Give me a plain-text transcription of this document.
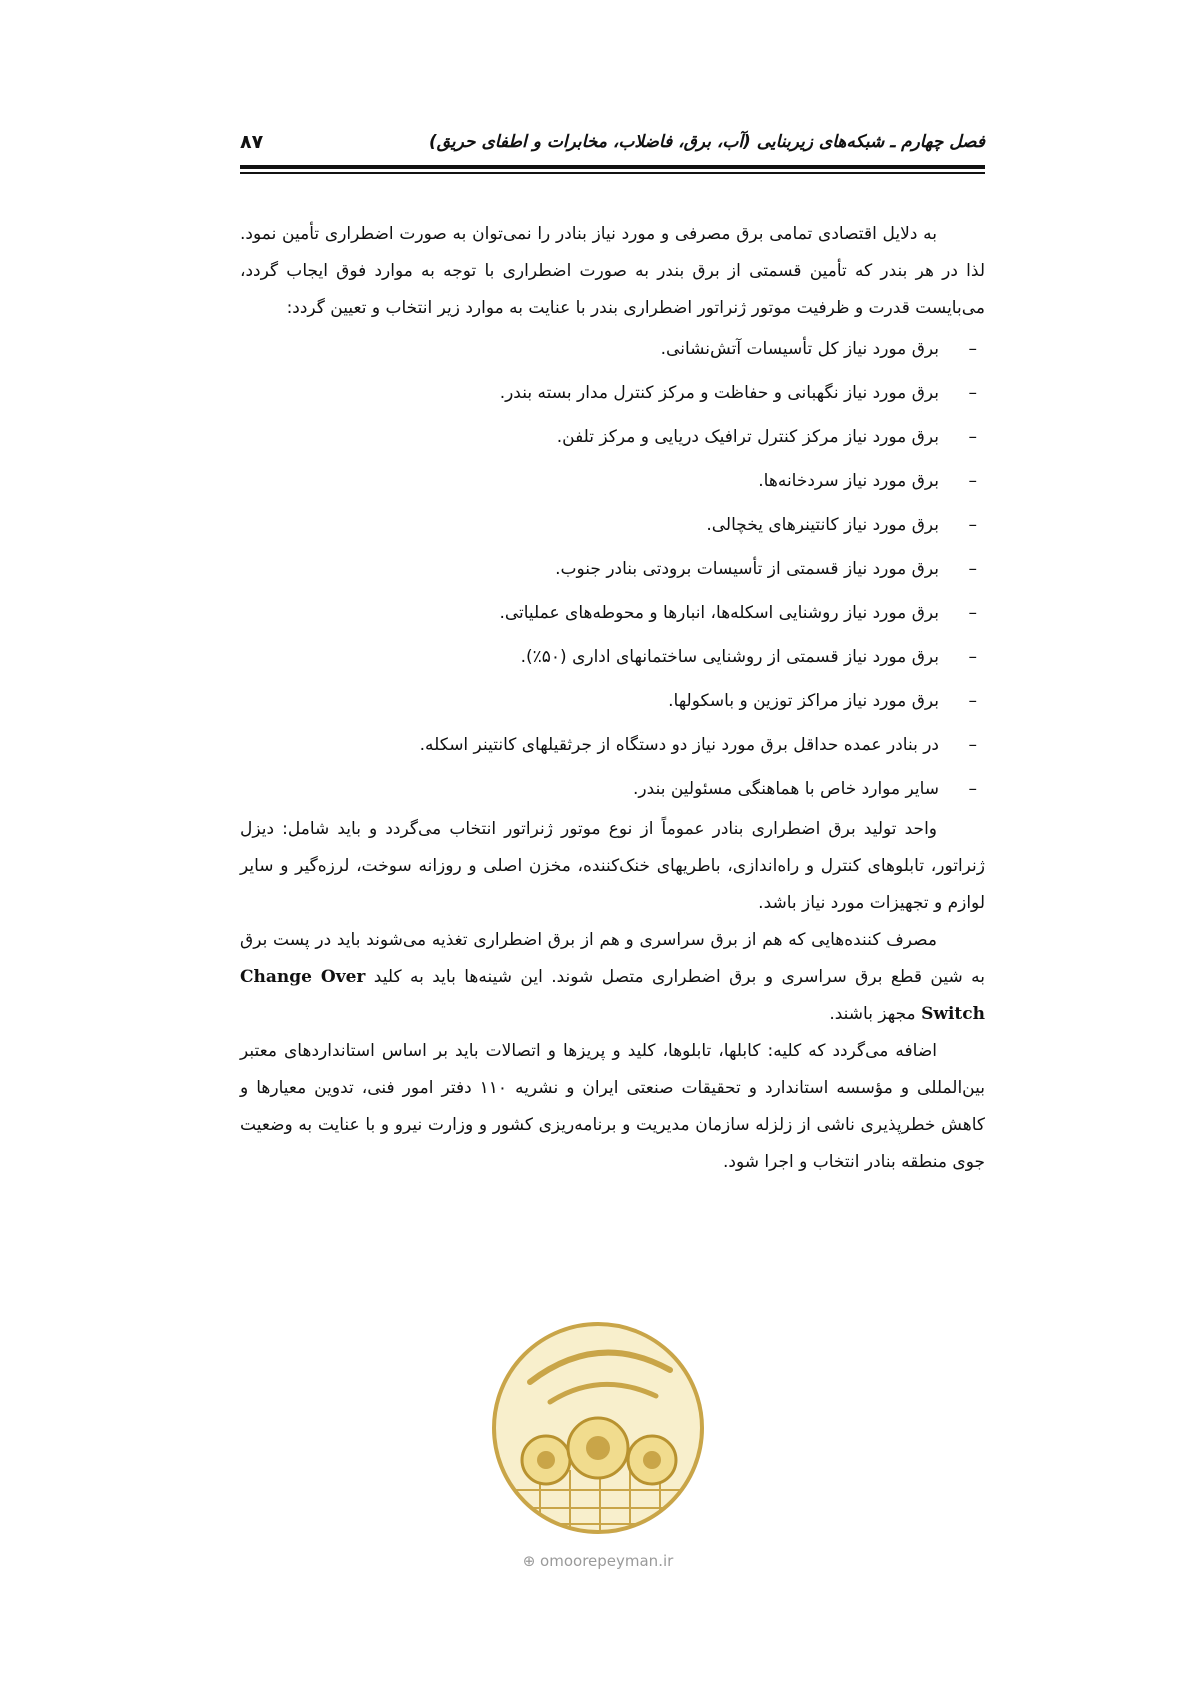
۸۷	فصل چهارم ـ شبکه‌های زیربنایی (آب، برق، فاضلاب، مخابرات و اطفای حریق)

به دلایل اقتصادی تمامی برق مصرفی و مورد نیاز بنادر را نمی‌توان به صورت اضطراری تأمین نمود. لذا در هر بندر که تأمین قسمتی از برق بندر به صورت اضطراری با توجه به موارد فوق ایجاب گردد، می‌بایست قدرت و ظرفیت موتور ژنراتور اضطراری بندر با عنایت به موارد زیر انتخاب و تعیین گردد:

–
برق مورد نیاز کل تأسیسات آتش‌نشانی.
–
برق مورد نیاز نگهبانی و حفاظت و مرکز کنترل مدار بسته بندر.
–
برق مورد نیاز مرکز کنترل ترافیک دریایی و مرکز تلفن.
–
برق مورد نیاز سردخانه‌ها.
–
برق مورد نیاز کانتینرهای یخچالی.
–
برق مورد نیاز قسمتی از تأسیسات برودتی بنادر جنوب.
–
برق مورد نیاز روشنایی اسکله‌ها، انبارها و محوطه‌های عملیاتی.
–
برق مورد نیاز قسمتی از روشنایی ساختمانهای اداری (۵۰٪).
–
برق مورد نیاز مراکز توزین و باسکولها.
–
در بنادر عمده حداقل برق مورد نیاز دو دستگاه از جرثقیلهای کانتینر اسکله.
–
سایر موارد خاص با هماهنگی مسئولین بندر.

واحد تولید برق اضطراری بنادر عموماً از نوع موتور ژنراتور انتخاب می‌گردد و باید شامل: دیزل ژنراتور، تابلوهای کنترل و راه‌اندازی، باطریهای خنک‌کننده، مخزن اصلی و روزانه سوخت، لرزه‌گیر و سایر لوازم و تجهیزات مورد نیاز باشد.

مصرف کننده‌هایی که هم از برق سراسری و هم از برق اضطراری تغذیه می‌شوند باید در پست برق به شین قطع برق سراسری و برق اضطراری متصل شوند. این شینه‌ها باید به کلید Change Over Switch مجهز باشند.

اضافه می‌گردد که کلیه: کابلها، تابلوها، کلید و پریزها و اتصالات باید بر اساس استانداردهای معتبر بین‌المللی و مؤسسه استاندارد و تحقیقات صنعتی ایران و نشریه ۱۱۰ دفتر امور فنی، تدوین معیارها و کاهش خطرپذیری ناشی از زلزله سازمان مدیریت و برنامه‌ریزی کشور و وزارت نیرو و با عنایت به وضعیت جوی منطقه بنادر انتخاب و اجرا شود.

⊕ omoorepeyman.ir
